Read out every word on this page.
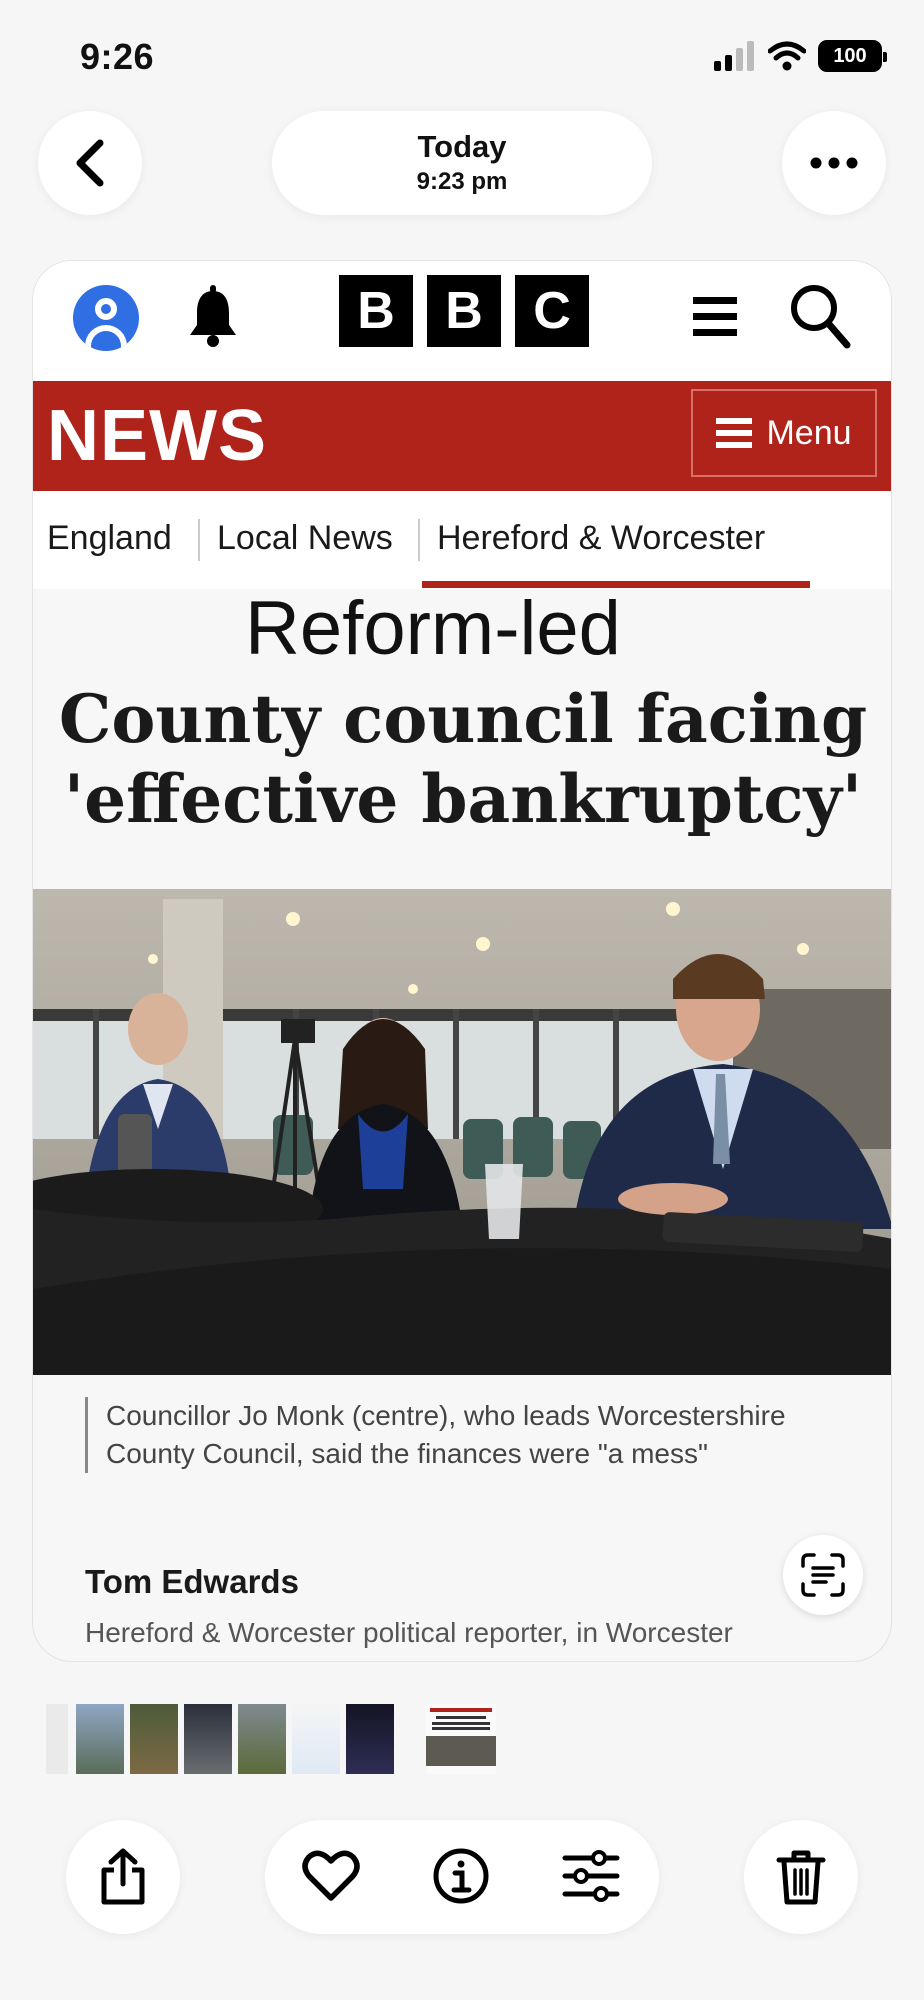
9:26	100
Today
9:23 pm
B B C
NEWS	Menu
England Local News Hereford & Worcester
Reform-led
County council facing 'effective bankruptcy'
Councillor Jo Monk (centre), who leads Worcestershire County Council, said the finances were "a mess"
Tom Edwards
Hereford & Worcester political reporter, in Worcester
